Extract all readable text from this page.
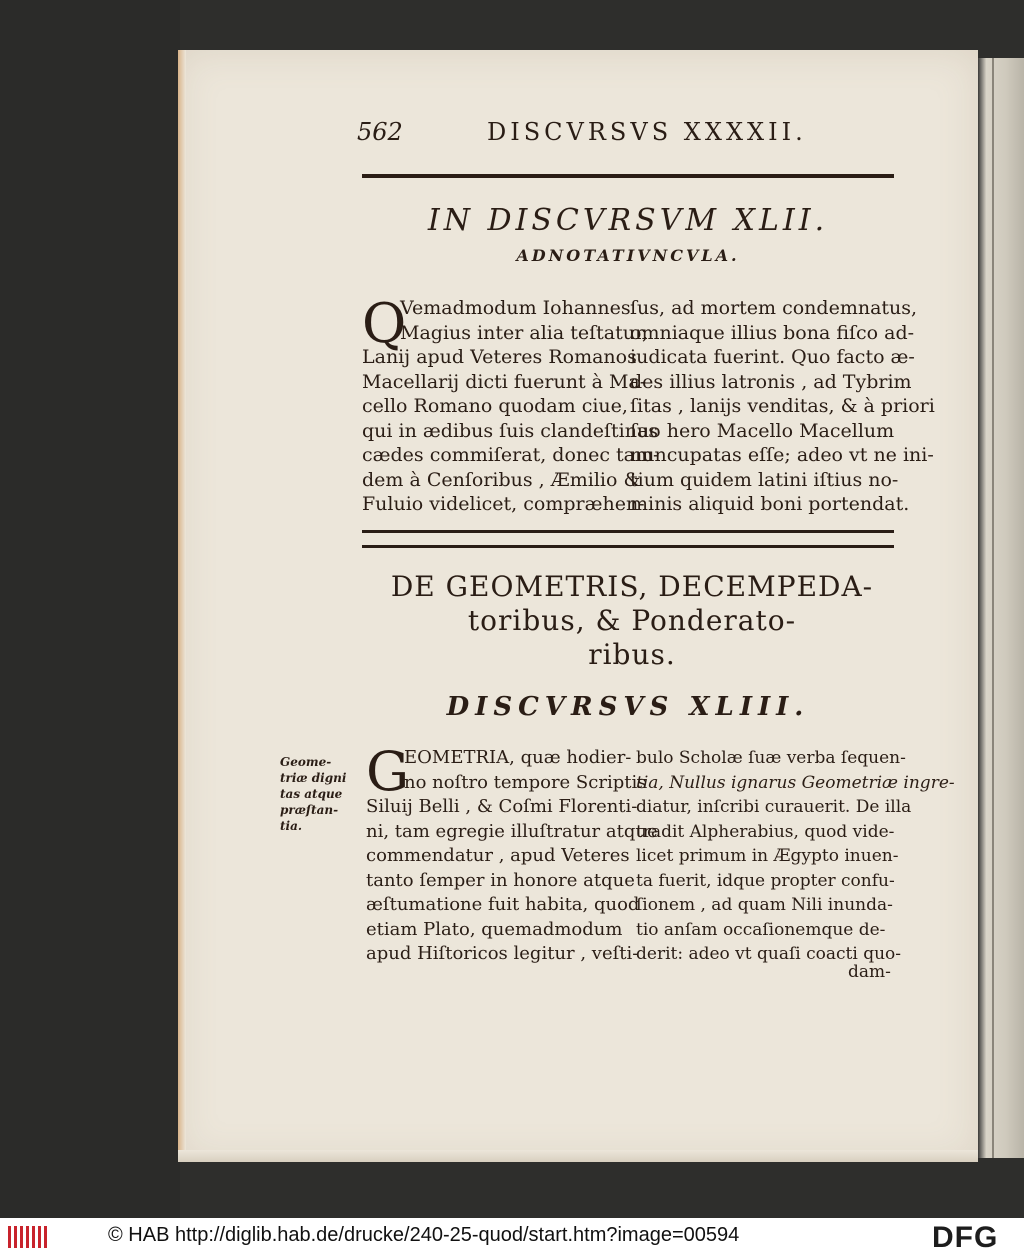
562	DISCVRSVS XXXXII.
IN DISCVRSVM XLII.
ADNOTATIVNCVLA.
Q
Vemadmodum Iohannes
Magius inter alia teſtatur,
Lanij apud Veteres Romanos
Macellarij dicti fuerunt à Ma-
cello Romano quodam ciue,
qui in ædibus ſuis clandeſtinas
cædes commiſerat, donec tam-
dem à Cenſoribus , Æmilio &
Fuluio videlicet, compræhen-
ſus, ad mortem condemnatus,
omniaque illius bona fiſco ad-
iudicata fuerint. Quo facto æ-
des illius latronis , ad Tybrim
ſitas , lanijs venditas, & à priori
ſuo hero Macello Macellum
nuncupatas eſſe; adeo vt ne ini-
tium quidem latini iſtius no-
minis aliquid boni portendat.
DE GEOMETRIS, DECEMPEDA-
toribus, & Ponderato-
ribus.
DISCVRSVS XLIII.
Geome-
triæ digni
tas atque
præſtan-
tia.
G
EOMETRIA, quæ hodier-
no noſtro tempore Scriptis
Siluij Belli , & Coſmi Florenti-
ni, tam egregie illuſtratur atque
commendatur , apud Veteres
tanto ſemper in honore atque
æſtumatione fuit habita, quod
etiam Plato, quemadmodum
apud Hiſtoricos legitur , veſti-
bulo Scholæ ſuæ verba ſequen-
tia, Nullus ignarus Geometriæ ingre-
diatur, inſcribi curauerit. De illa
tradit Alpherabius, quod vide-
licet primum in Ægypto inuen-
ta fuerit, idque propter confu-
ſionem , ad quam Nili inunda-
tio anſam occaſionemque de-
derit: adeo vt quaſi coacti quo-
dam-
© HAB http://diglib.hab.de/drucke/240-25-quod/start.htm?image=00594	DFG
